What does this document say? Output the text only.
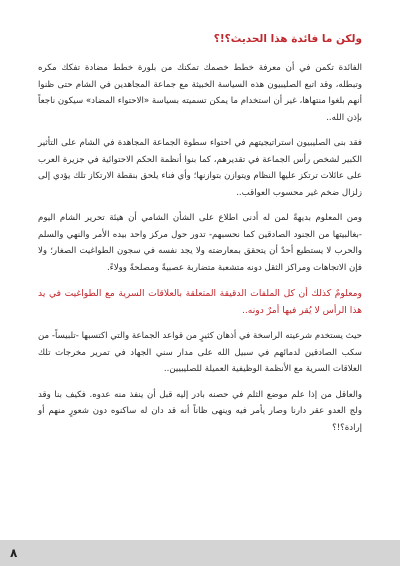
ولكن ما فائدة هذا الحديث؟!؟

الفائدة تكمن في أن معرفة خطط خصمك تمكنك من بلورة خطط مضادة تفكك مكره وتبطله، وقد اتبع الصليبيون هذه السياسة الخبيثة مع جماعة المجاهدين في الشام حتى ظنوا أنهم بلغوا منتهاها، غير أن استخدام ما يمكن تسميته بسياسة «الاحتواء المضاد» سيكون ناجعاً بإذن الله..

فقد بنى الصليبيون استراتيجيتهم في احتواء سطوة الجماعة المجاهدة في الشام على التأثير الكبير لشخص رأس الجماعة في تقديرهم، كما بنوا أنظمة الحكم الاحتوائية في جزيرة العرب على عائلات ترتكز عليها النظام ويتوازن بتوازنها؛ وأي فناء يلحق بنقطة الارتكاز تلك يؤدي إلى زلزال ضخم غير محسوب العواقب..

ومن المعلوم بديهةً لمن له أدنى اطلاع على الشأن الشامي أن هيئة تحرير الشام اليوم -بغالبيتها من الجنود الصادقين كما نحسبهم- تدور حول مركز واحد بيده الأمر والنهي والسلم والحرب لا يستطيع أحدٌ أن يتحقق بمعارضته ولا يجد نفسه في سجون الطواغيت الصغار؛ ولا فإن الاتجاهات ومراكز الثقل دونه متشعبة متضاربة عصبيةً ومصلحةً وولاءً.

ومعلومٌ كذلك أن كل الملفات الدقيقة المتعلقة بالعلاقات السرية مع الطواغيت في يد هذا الرأس لا يُقر فيها أمرٌ دونه..

حيث يستخدم شرعيته الراسخة في أذهان كثيرٍ من قواعد الجماعة والتي اكتسبها -تلبيساً- من سكب الصادقين لدمائهم في سبيل الله على مدار سني الجهاد في تمرير مخرجات تلك العلاقات السرية مع الأنظمة الوظيفية العميلة للصليبيين..

والعاقل من إذا علم موضع الثلم في حصنه بادر إليه قبل أن ينفذ منه عدوه. فكيف بنا وقد ولج العدو عقر دارنا وصار يأمر فيه وينهى ظاناً أنه قد دان له ساكنوه دون شعورٍ منهم أو إرادة؟!؟

٨
